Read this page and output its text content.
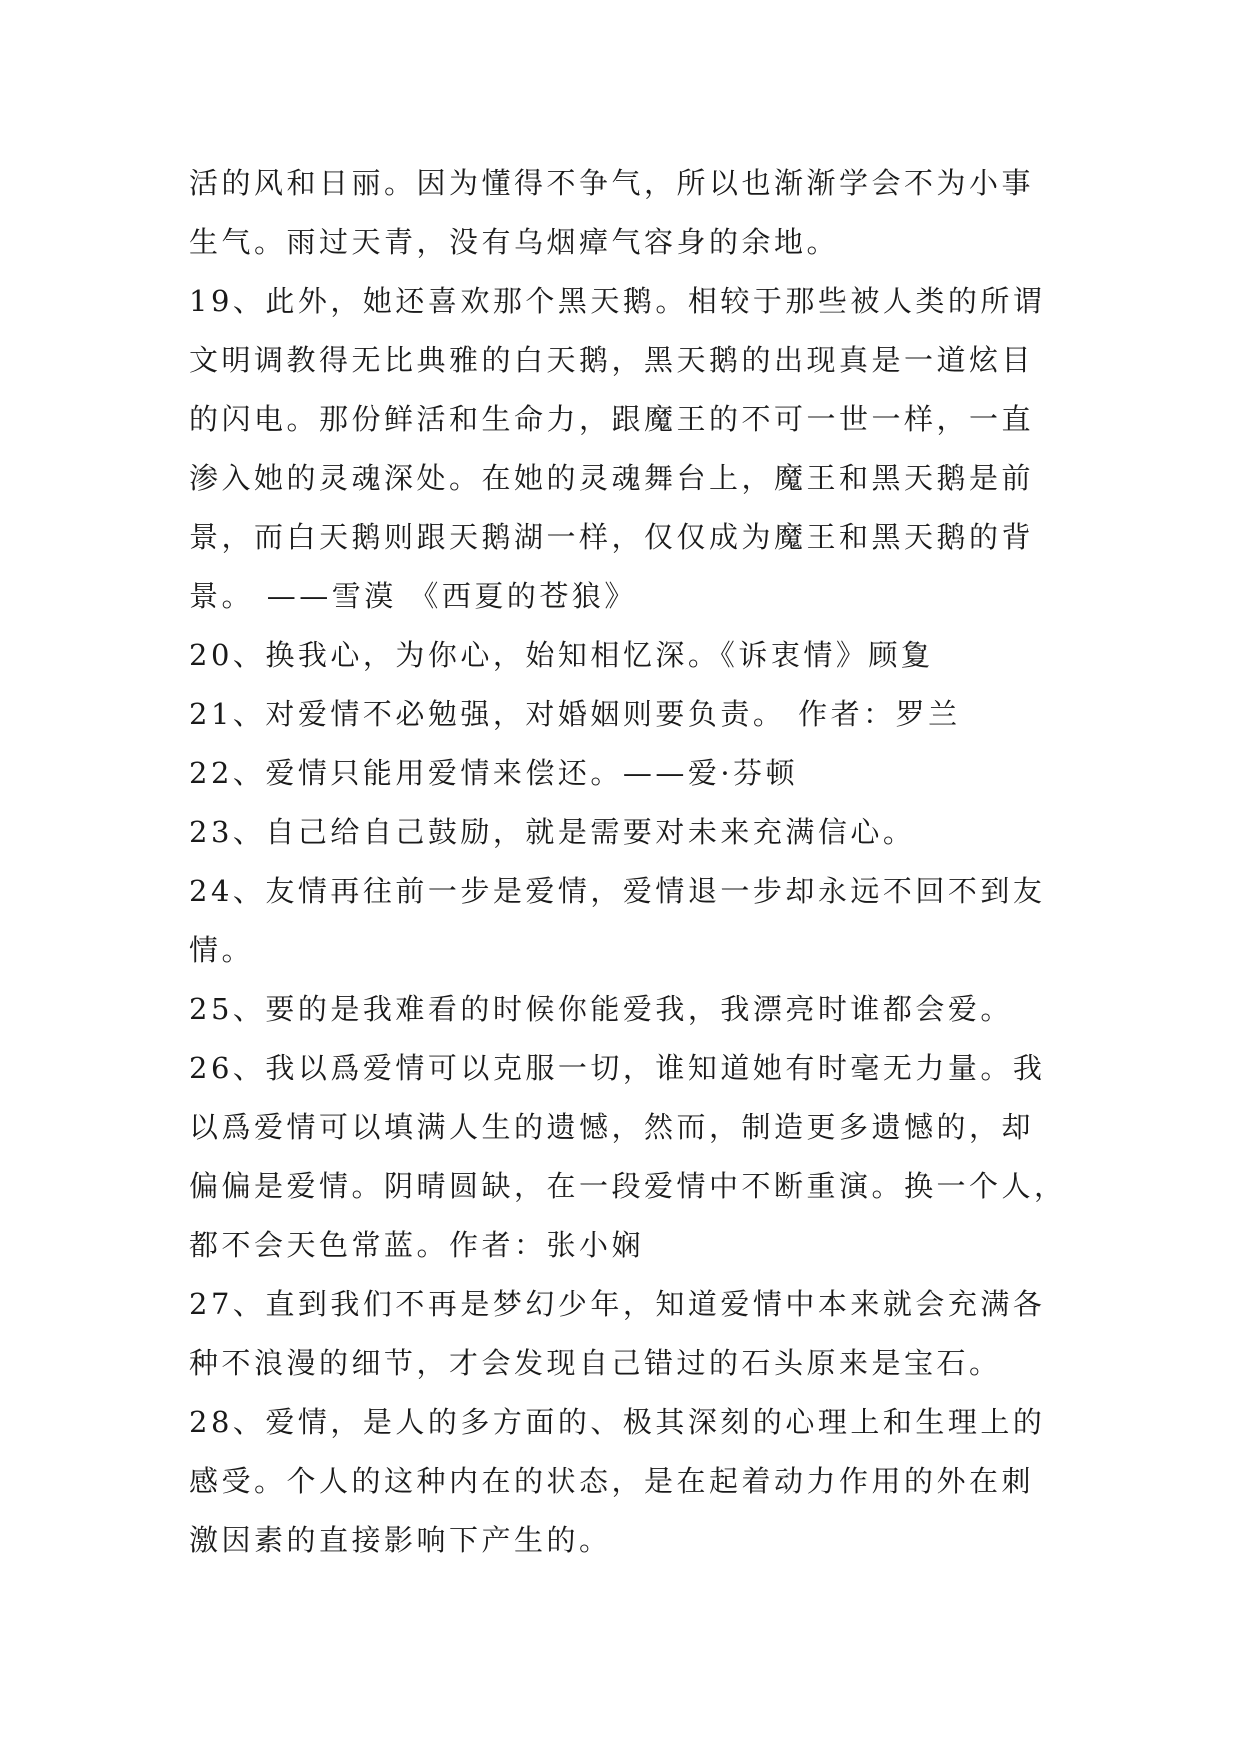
活的风和日丽。因为懂得不争气，所以也渐渐学会不为小事
生气。雨过天青，没有乌烟瘴气容身的余地。
19、此外，她还喜欢那个黑天鹅。相较于那些被人类的所谓
文明调教得无比典雅的白天鹅，黑天鹅的出现真是一道炫目
的闪电。那份鲜活和生命力，跟魔王的不可一世一样，一直
渗入她的灵魂深处。在她的灵魂舞台上，魔王和黑天鹅是前
景，而白天鹅则跟天鹅湖一样，仅仅成为魔王和黑天鹅的背
景。 ——雪漠 《西夏的苍狼》
20、换我心，为你心，始知相忆深。《诉衷情》顾夐
21、对爱情不必勉强，对婚姻则要负责。 作者：罗兰
22、爱情只能用爱情来偿还。——爱·芬顿
23、自己给自己鼓励，就是需要对未来充满信心。
24、友情再往前一步是爱情，爱情退一步却永远不回不到友
情。
25、要的是我难看的时候你能爱我，我漂亮时谁都会爱。
26、我以爲爱情可以克服一切，谁知道她有时毫无力量。我
以爲爱情可以填满人生的遗憾，然而，制造更多遗憾的，却
偏偏是爱情。阴晴圆缺，在一段爱情中不断重演。换一个人，
都不会天色常蓝。作者：张小娴
27、直到我们不再是梦幻少年，知道爱情中本来就会充满各
种不浪漫的细节，才会发现自己错过的石头原来是宝石。
28、爱情，是人的多方面的、极其深刻的心理上和生理上的
感受。个人的这种内在的状态，是在起着动力作用的外在刺
激因素的直接影响下产生的。
